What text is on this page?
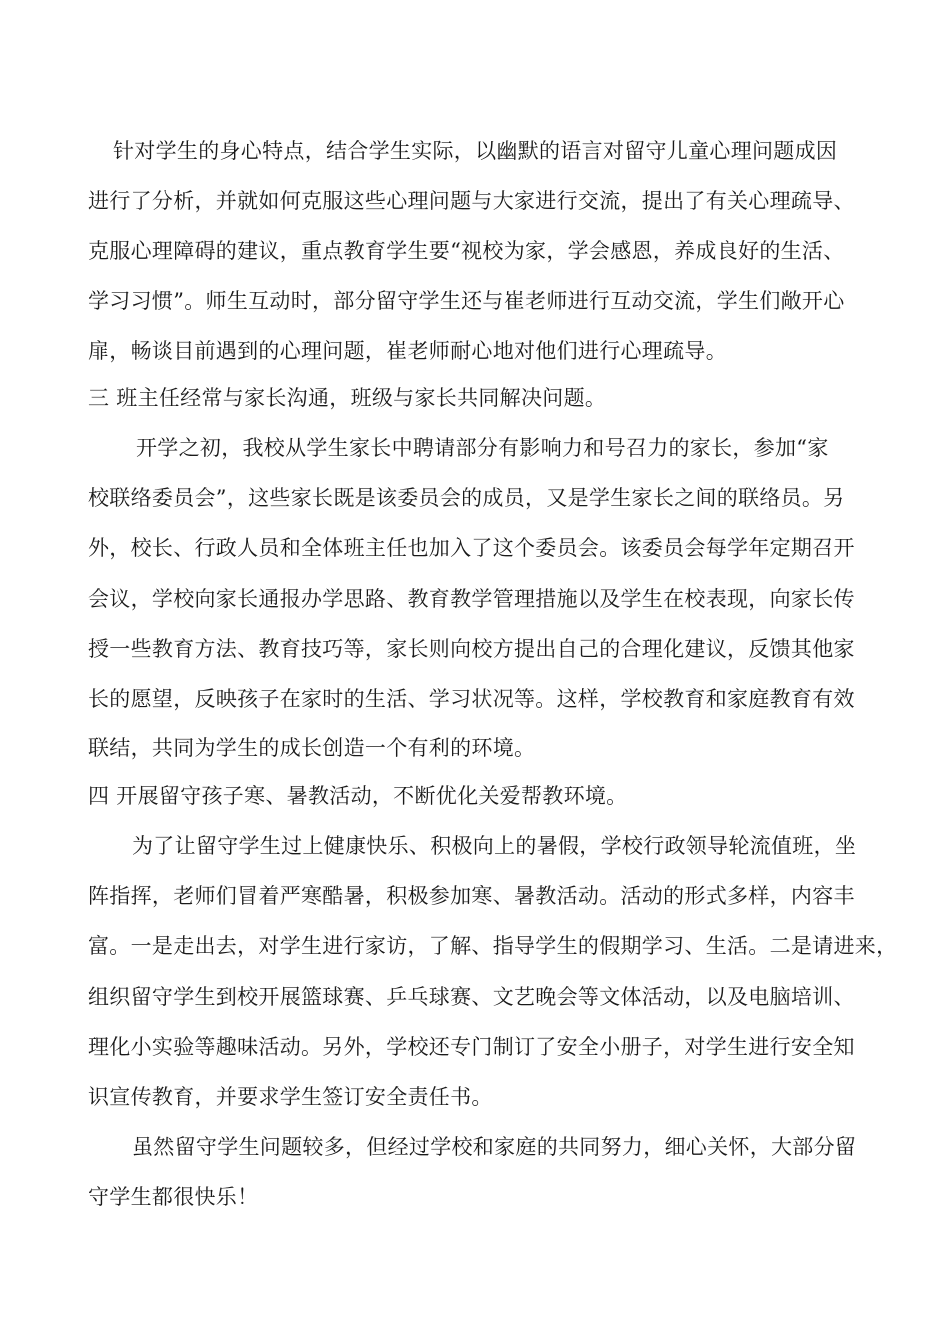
针对学生的身心特点，结合学生实际，以幽默的语言对留守儿童心理问题成因
进行了分析，并就如何克服这些心理问题与大家进行交流，提出了有关心理疏导、
克服心理障碍的建议，重点教育学生要“视校为家，学会感恩，养成良好的生活、
学习习惯”。师生互动时，部分留守学生还与崔老师进行互动交流，学生们敞开心
扉，畅谈目前遇到的心理问题，崔老师耐心地对他们进行心理疏导。
三 班主任经常与家长沟通，班级与家长共同解决问题。
开学之初，我校从学生家长中聘请部分有影响力和号召力的家长，参加“家
校联络委员会”，这些家长既是该委员会的成员，又是学生家长之间的联络员。另
外，校长、行政人员和全体班主任也加入了这个委员会。该委员会每学年定期召开
会议，学校向家长通报办学思路、教育教学管理措施以及学生在校表现，向家长传
授一些教育方法、教育技巧等，家长则向校方提出自己的合理化建议，反馈其他家
长的愿望，反映孩子在家时的生活、学习状况等。这样，学校教育和家庭教育有效
联结，共同为学生的成长创造一个有利的环境。
四 开展留守孩子寒、暑教活动，不断优化关爱帮教环境。
为了让留守学生过上健康快乐、积极向上的暑假，学校行政领导轮流值班，坐
阵指挥，老师们冒着严寒酷暑，积极参加寒、暑教活动。活动的形式多样，内容丰
富。一是走出去，对学生进行家访，了解、指导学生的假期学习、生活。二是请进来，
组织留守学生到校开展篮球赛、乒乓球赛、文艺晚会等文体活动，以及电脑培训、
理化小实验等趣味活动。另外，学校还专门制订了安全小册子，对学生进行安全知
识宣传教育，并要求学生签订安全责任书。
虽然留守学生问题较多，但经过学校和家庭的共同努力，细心关怀，大部分留
守学生都很快乐！
